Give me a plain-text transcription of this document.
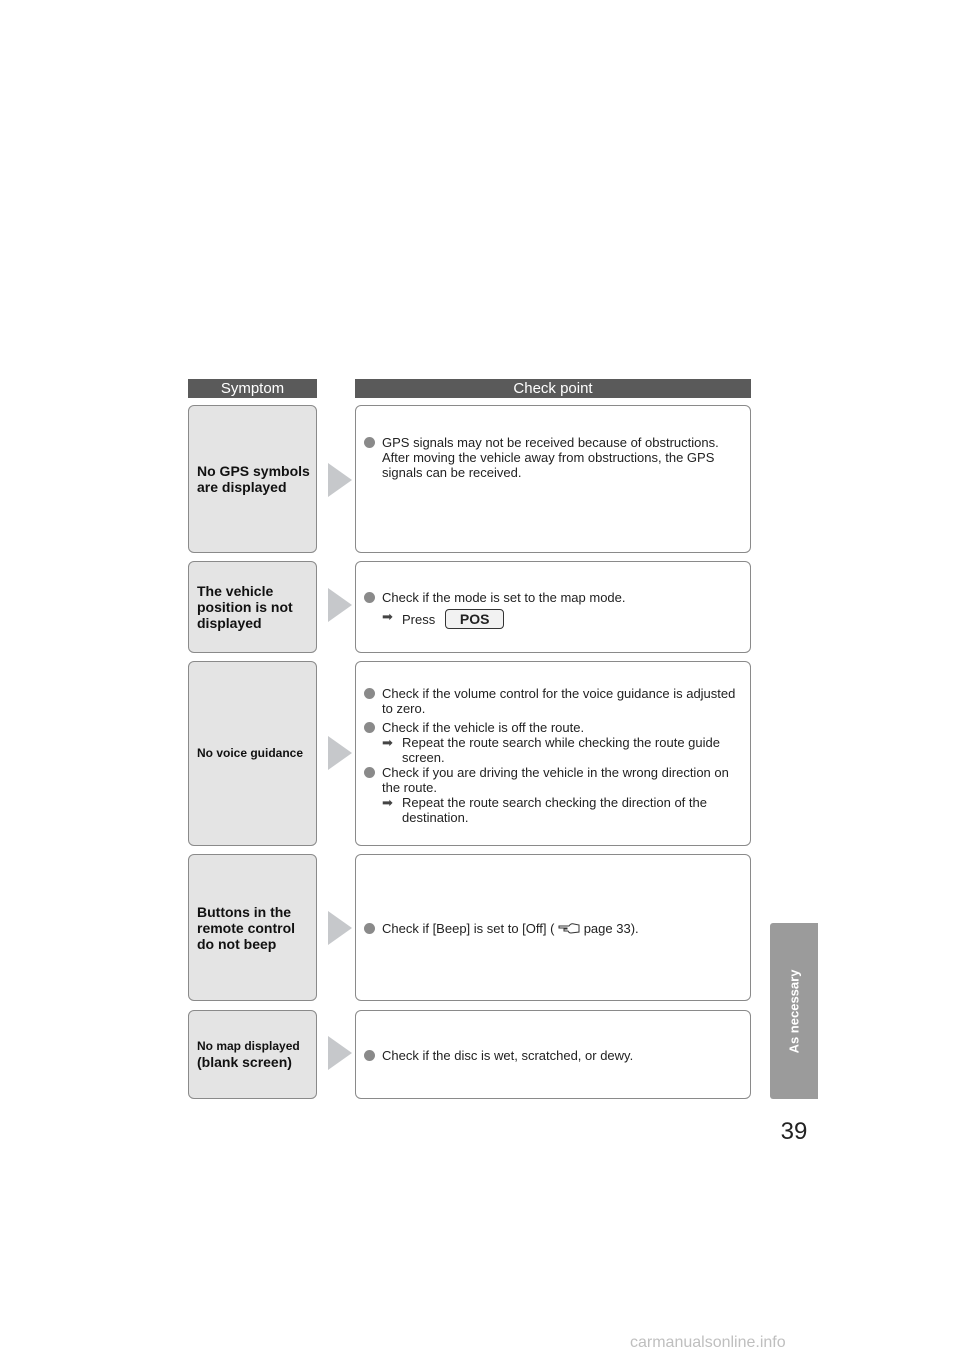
Symptom	Check point
No GPS symbols
are displayed
GPS signals may not be received because of obstructions. After moving the vehicle away from obstructions, the GPS signals can be received.
The vehicle
position is not
displayed
Check if the mode is set to the map mode.
➡ Press POS
No voice guidance
Check if the volume control for the voice guidance is adjusted to zero.
Check if the vehicle is off the route.
➡ Repeat the route search while checking the route guide screen.
Check if you are driving the vehicle in the wrong direction on the route.
➡ Repeat the route search checking the direction of the destination.
Buttons in the
remote control
do not beep
Check if [Beep] is set to [Off] ( page 33).
No map displayed
(blank screen)	Check if the disc is wet, scratched, or dewy.
As necessary
39
carmanualsonline.info
